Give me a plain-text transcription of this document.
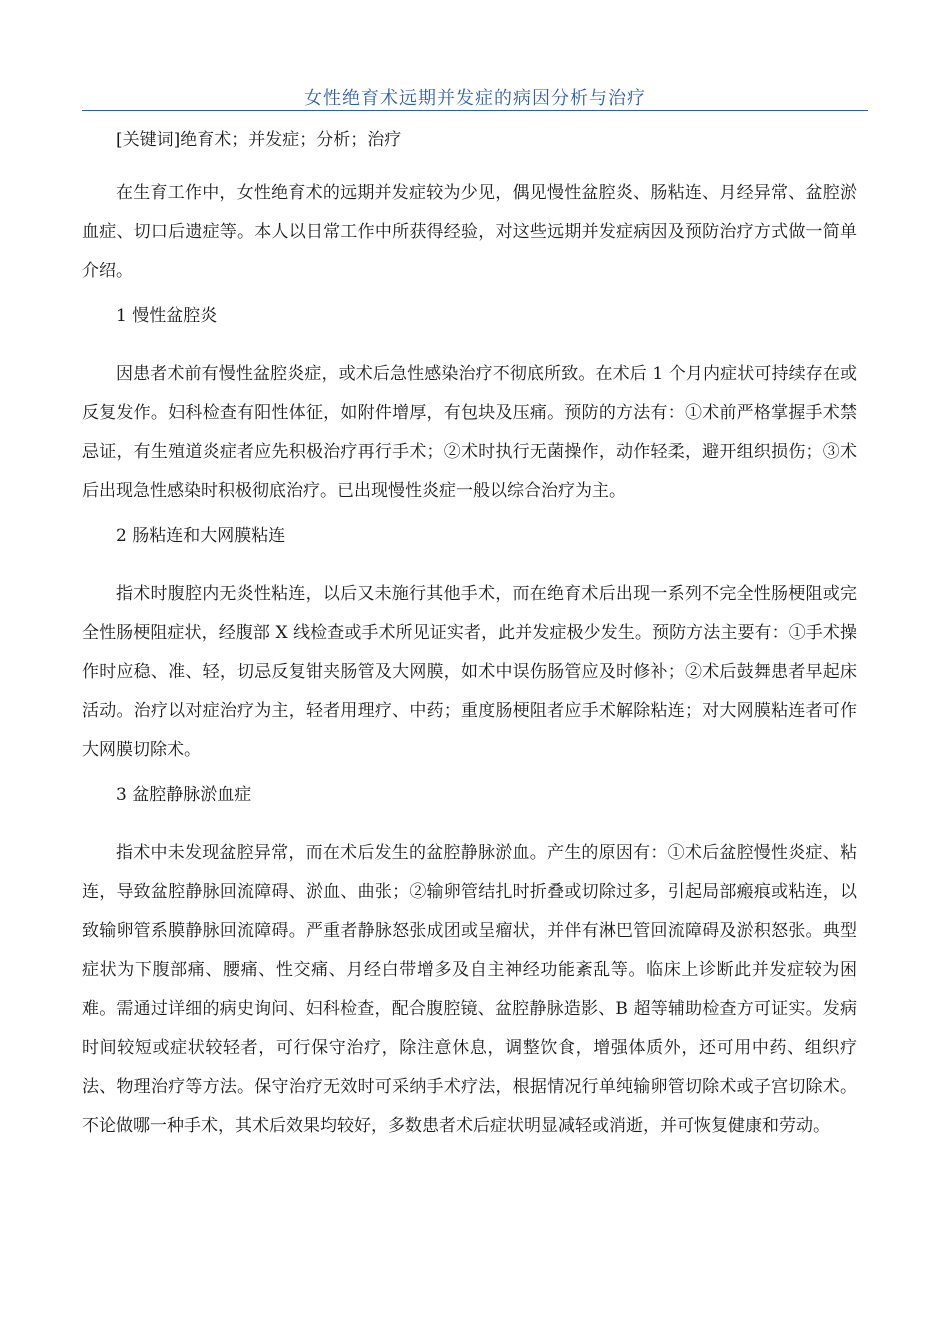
女性绝育术远期并发症的病因分析与治疗

[关键词]绝育术；并发症；分析；治疗

在生育工作中，女性绝育术的远期并发症较为少见，偶见慢性盆腔炎、肠粘连、月经异常、盆腔淤血症、切口后遗症等。本人以日常工作中所获得经验，对这些远期并发症病因及预防治疗方式做一简单介绍。

1 慢性盆腔炎

因患者术前有慢性盆腔炎症，或术后急性感染治疗不彻底所致。在术后 1 个月内症状可持续存在或反复发作。妇科检查有阳性体征，如附件增厚，有包块及压痛。预防的方法有：①术前严格掌握手术禁忌证，有生殖道炎症者应先积极治疗再行手术；②术时执行无菌操作，动作轻柔，避开组织损伤；③术后出现急性感染时积极彻底治疗。已出现慢性炎症一般以综合治疗为主。

2 肠粘连和大网膜粘连

指术时腹腔内无炎性粘连，以后又未施行其他手术，而在绝育术后出现一系列不完全性肠梗阻或完全性肠梗阻症状，经腹部 X 线检查或手术所见证实者，此并发症极少发生。预防方法主要有：①手术操作时应稳、准、轻，切忌反复钳夹肠管及大网膜，如术中误伤肠管应及时修补；②术后鼓舞患者早起床活动。治疗以对症治疗为主，轻者用理疗、中药；重度肠梗阻者应手术解除粘连；对大网膜粘连者可作大网膜切除术。

3 盆腔静脉淤血症

指术中未发现盆腔异常，而在术后发生的盆腔静脉淤血。产生的原因有：①术后盆腔慢性炎症、粘连，导致盆腔静脉回流障碍、淤血、曲张；②输卵管结扎时折叠或切除过多，引起局部瘢痕或粘连，以致输卵管系膜静脉回流障碍。严重者静脉怒张成团或呈瘤状，并伴有淋巴管回流障碍及淤积怒张。典型症状为下腹部痛、腰痛、性交痛、月经白带增多及自主神经功能紊乱等。临床上诊断此并发症较为困难。需通过详细的病史询问、妇科检查，配合腹腔镜、盆腔静脉造影、B 超等辅助检查方可证实。发病时间较短或症状较轻者，可行保守治疗，除注意休息，调整饮食，增强体质外，还可用中药、组织疗法、物理治疗等方法。保守治疗无效时可采纳手术疗法，根据情况行单纯输卵管切除术或子宫切除术。不论做哪一种手术，其术后效果均较好，多数患者术后症状明显减轻或消逝，并可恢复健康和劳动。
